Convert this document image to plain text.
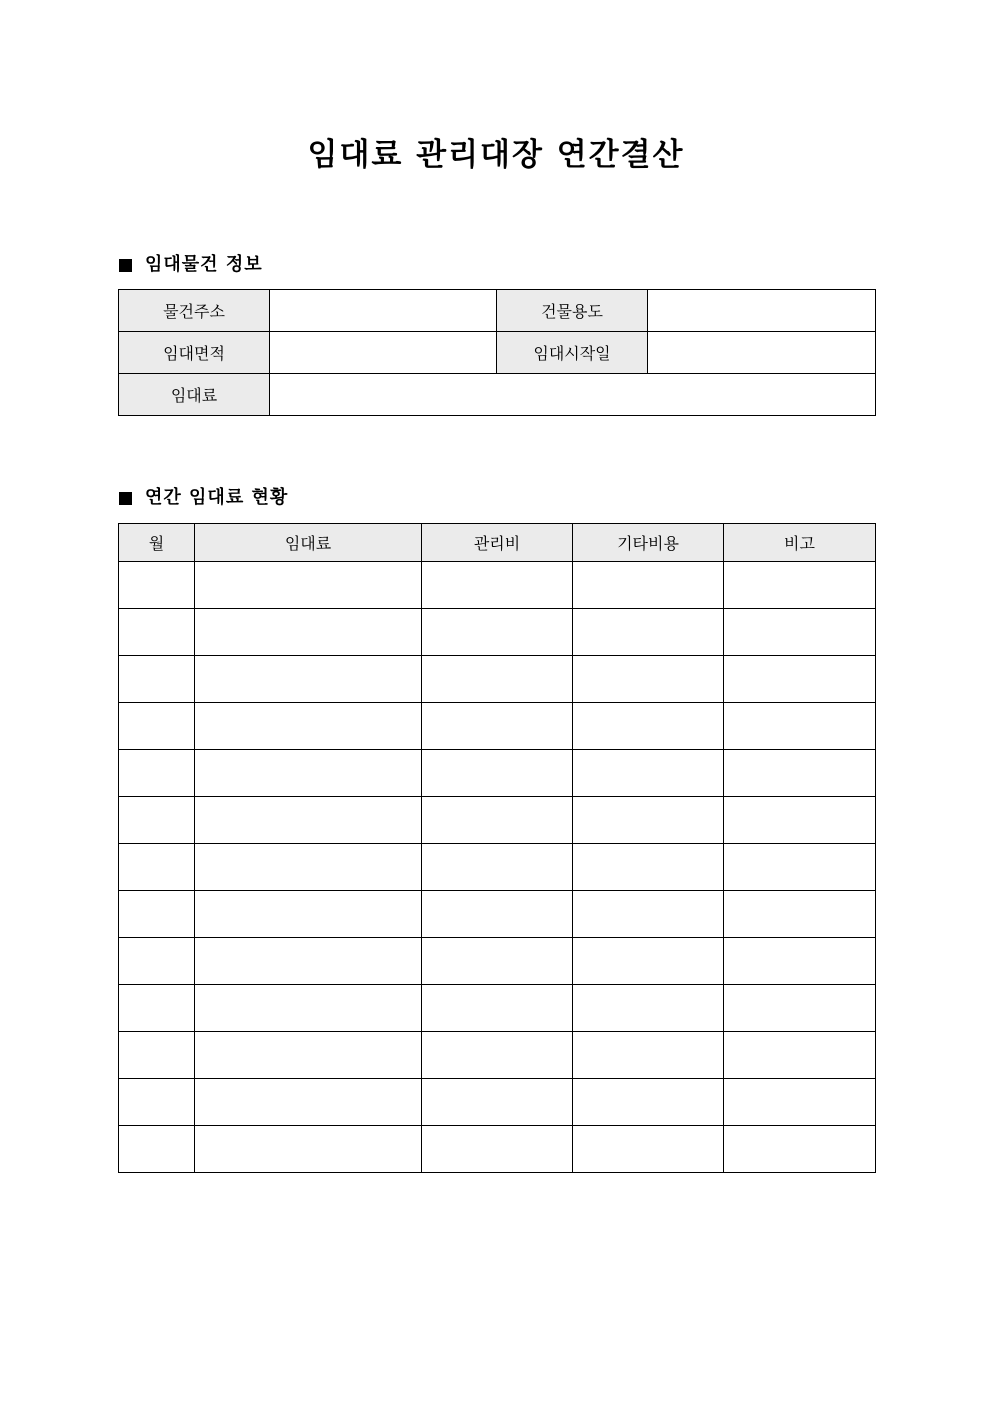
임대료 관리대장 연간결산
임대물건 정보
물건주소		건물용도	
임대면적		임대시작일	
임대료			
연간 임대료 현황
월	임대료	관리비	기타비용	비고
